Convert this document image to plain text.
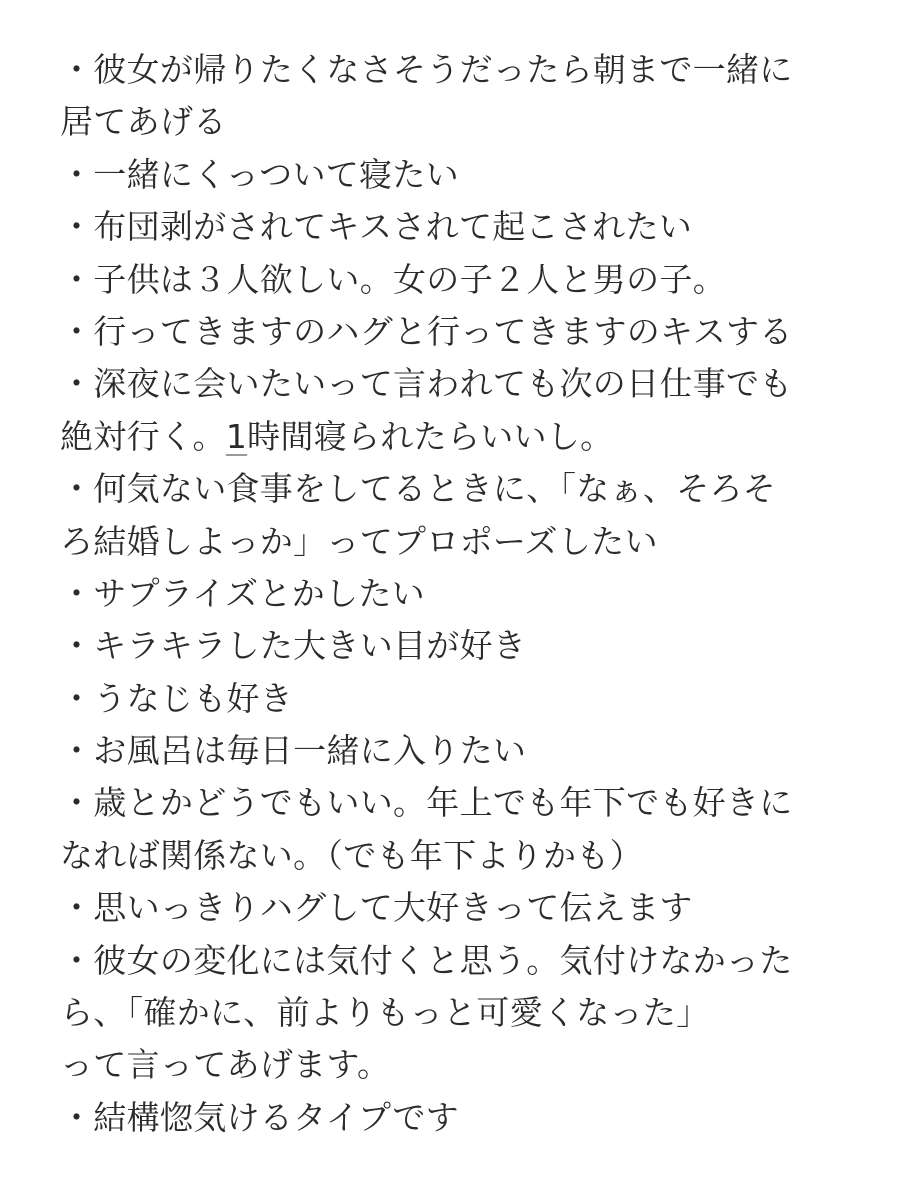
・彼女が帰りたくなさそうだったら朝まで一緒に
居てあげる
・一緒にくっついて寝たい
・布団剥がされてキスされて起こされたい
・子供は３人欲しい。女の子２人と男の子。
・行ってきますのハグと行ってきますのキスする
・深夜に会いたいって言われても次の日仕事でも
絶対行く。1時間寝られたらいいし。
・何気ない食事をしてるときに、「なぁ、そろそ
ろ結婚しよっか」ってプロポーズしたい
・サプライズとかしたい
・キラキラした大きい目が好き
・うなじも好き
・お風呂は毎日一緒に入りたい
・歳とかどうでもいい。年上でも年下でも好きに
なれば関係ない。（でも年下よりかも）
・思いっきりハグして大好きって伝えます
・彼女の変化には気付くと思う。気付けなかった
ら、「確かに、前よりもっと可愛くなった」
って言ってあげます。
・結構惚気けるタイプです
